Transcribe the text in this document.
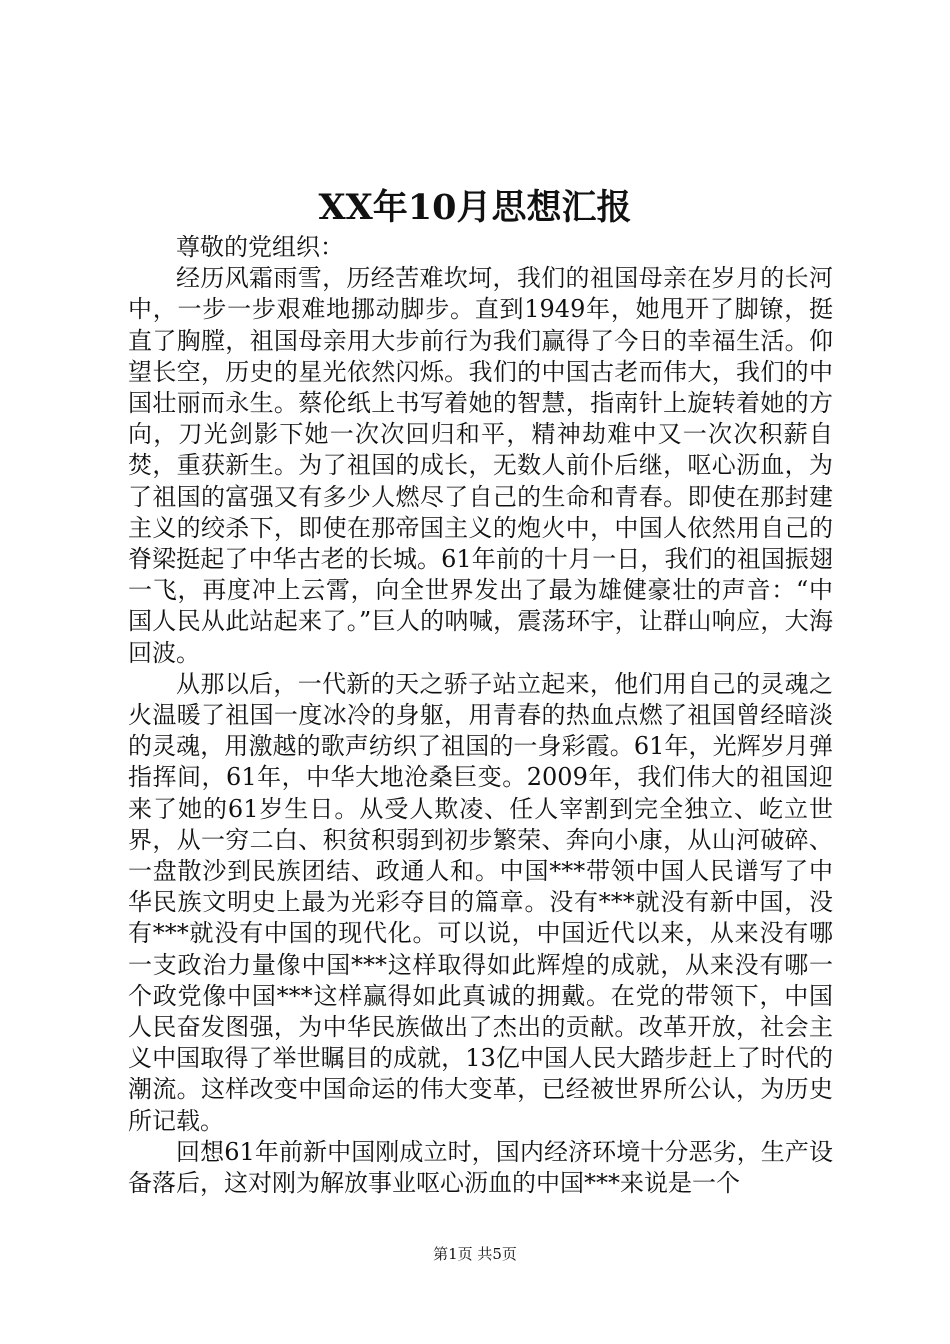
XX年10月思想汇报

尊敬的党组织：

经历风霜雨雪，历经苦难坎坷，我们的祖国母亲在岁月的长河中，一步一步艰难地挪动脚步。直到1949年，她甩开了脚镣，挺直了胸膛，祖国母亲用大步前行为我们赢得了今日的幸福生活。仰望长空，历史的星光依然闪烁。我们的中国古老而伟大，我们的中国壮丽而永生。蔡伦纸上书写着她的智慧，指南针上旋转着她的方向，刀光剑影下她一次次回归和平，精神劫难中又一次次积薪自焚，重获新生。为了祖国的成长，无数人前仆后继，呕心沥血，为了祖国的富强又有多少人燃尽了自己的生命和青春。即使在那封建主义的绞杀下，即使在那帝国主义的炮火中，中国人依然用自己的脊梁挺起了中华古老的长城。61年前的十月一日，我们的祖国振翅一飞，再度冲上云霄，向全世界发出了最为雄健豪壮的声音：“中国人民从此站起来了。”巨人的呐喊，震荡环宇，让群山响应，大海回波。

从那以后，一代新的天之骄子站立起来，他们用自己的灵魂之火温暖了祖国一度冰冷的身躯，用青春的热血点燃了祖国曾经暗淡的灵魂，用激越的歌声纺织了祖国的一身彩霞。61年，光辉岁月弹指挥间，61年，中华大地沧桑巨变。2009年，我们伟大的祖国迎来了她的61岁生日。从受人欺凌、任人宰割到完全独立、屹立世界，从一穷二白、积贫积弱到初步繁荣、奔向小康，从山河破碎、一盘散沙到民族团结、政通人和。中国***带领中国人民谱写了中华民族文明史上最为光彩夺目的篇章。没有***就没有新中国，没有***就没有中国的现代化。可以说，中国近代以来，从来没有哪一支政治力量像中国***这样取得如此辉煌的成就，从来没有哪一个政党像中国***这样赢得如此真诚的拥戴。在党的带领下，中国人民奋发图强，为中华民族做出了杰出的贡献。改革开放，社会主义中国取得了举世瞩目的成就，13亿中国人民大踏步赶上了时代的潮流。这样改变中国命运的伟大变革，已经被世界所公认，为历史所记载。

回想61年前新中国刚成立时，国内经济环境十分恶劣，生产设备落后，这对刚为解放事业呕心沥血的中国***来说是一个

第1页 共5页
